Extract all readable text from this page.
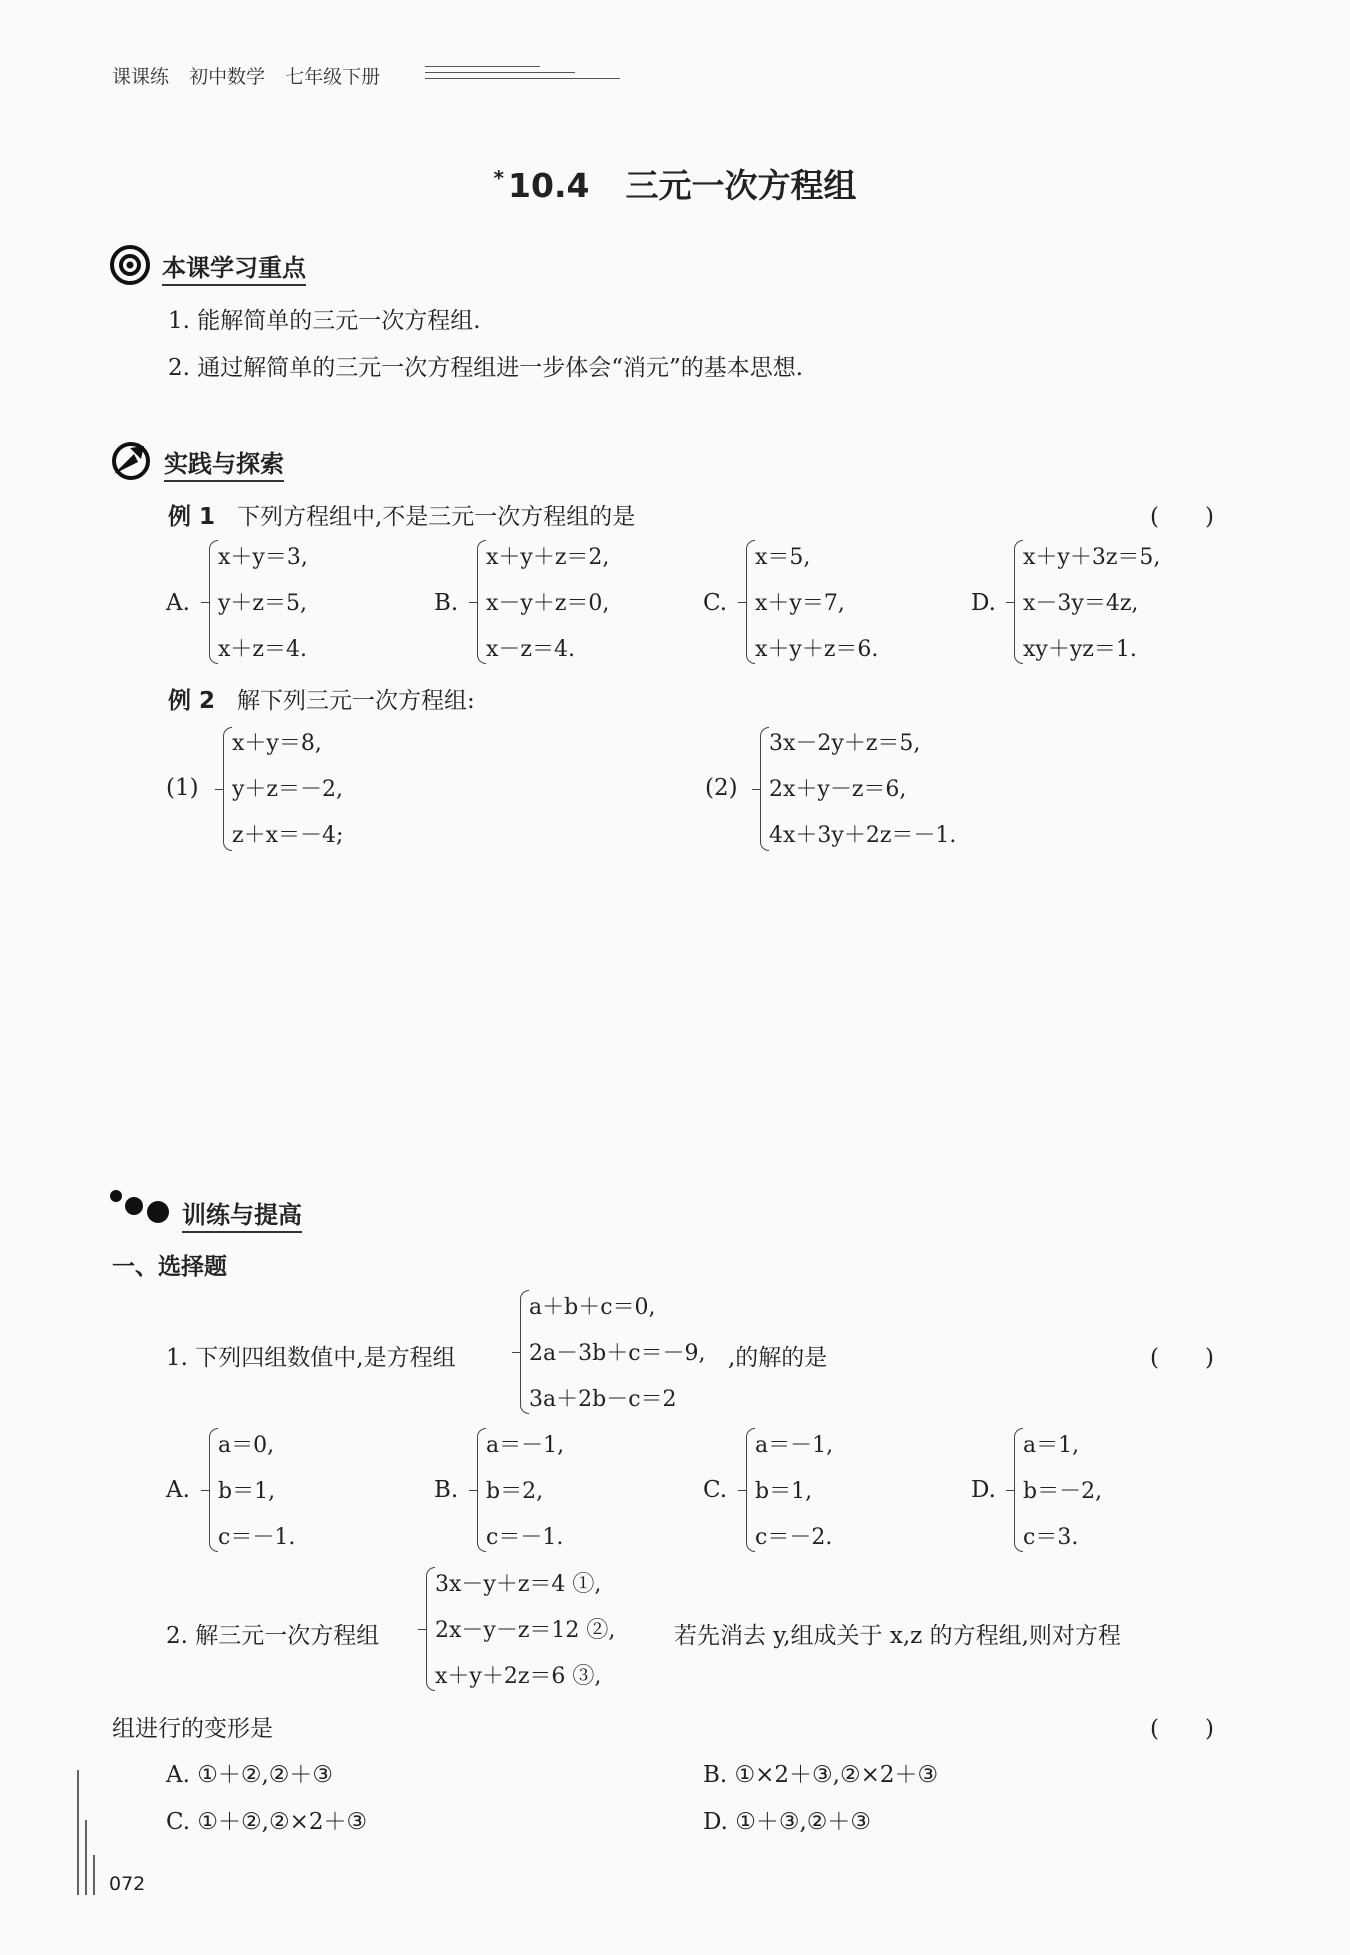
课课练 初中数学 七年级下册
* 10.4 三元一次方程组
本课学习重点
1. 能解简单的三元一次方程组.
2. 通过解简单的三元一次方程组进一步体会“消元”的基本思想.
实践与探索
例 1 下列方程组中,不是三元一次方程组的是	(　　)
A.
x＋y＝3,
y＋z＝5,
x＋z＝4.
B.
x＋y＋z＝2,
x－y＋z＝0,
x－z＝4.
C.
x＝5,
x＋y＝7,
x＋y＋z＝6.
D.
x＋y＋3z＝5,
x－3y＝4z,
xy＋yz＝1.
例 2 解下列三元一次方程组:
(1)
x＋y＝8,
y＋z＝－2,
z＋x＝－4;
(2)
3x－2y＋z＝5,
2x＋y－z＝6,
4x＋3y＋2z＝－1.
训练与提高
一、选择题
1. 下列四组数值中,是方程组
a＋b＋c＝0,
2a－3b＋c＝－9,
3a＋2b－c＝2
,的解的是	(　　)
A.
a＝0,
b＝1,
c＝－1.
B.
a＝－1,
b＝2,
c＝－1.
C.
a＝－1,
b＝1,
c＝－2.
D.
a＝1,
b＝－2,
c＝3.
2. 解三元一次方程组
3x－y＋z＝4 ①,
2x－y－z＝12 ②,
x＋y＋2z＝6 ③,
若先消去 y,组成关于 x,z 的方程组,则对方程
组进行的变形是	(　　)
A. ①＋②,②＋③	B. ①×2＋③,②×2＋③
C. ①＋②,②×2＋③	D. ①＋③,②＋③
072
